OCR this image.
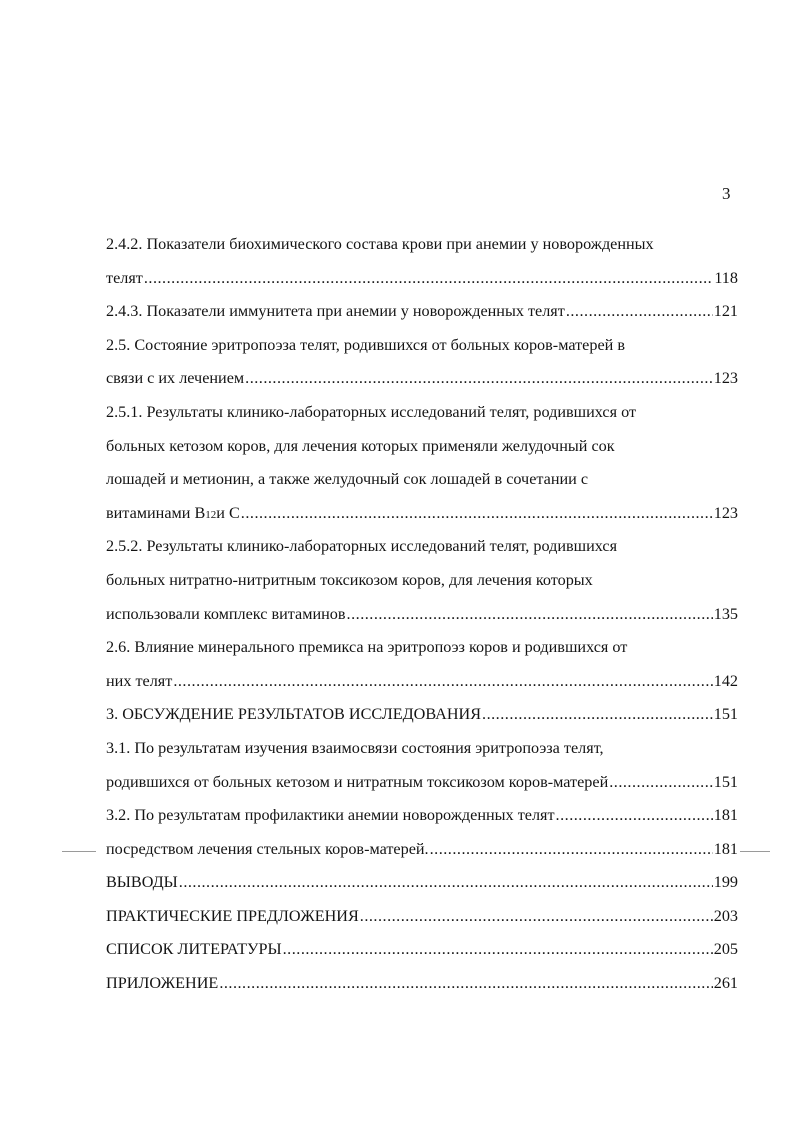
3
2.4.2. Показатели биохимического состава крови при анемии у новорожденных
телят .....	118
2.4.3. Показатели иммунитета при анемии у новорожденных телят .....	121
2.5. Состояние эритропоэза телят, родившихся от больных коров-матерей в
связи с их лечением .....	123
2.5.1. Результаты клинико-лабораторных исследований телят, родившихся от
больных кетозом коров, для лечения которых применяли желудочный сок
лошадей и метионин, а также желудочный сок лошадей в сочетании с
витаминами В 12 и С .....	123
2.5.2. Результаты клинико-лабораторных исследований телят, родившихся
больных нитратно-нитритным токсикозом коров, для лечения которых
использовали комплекс витаминов .....	135
2.6. Влияние минерального премикса на эритропоэз коров и родившихся от
них телят .....	142
3. ОБСУЖДЕНИЕ РЕЗУЛЬТАТОВ ИССЛЕДОВАНИЯ .....	151
3.1. По результатам изучения взаимосвязи состояния эритропоэза телят,
родившихся от больных кетозом и нитратным токсикозом коров-матерей .....	151
3.2. По результатам профилактики анемии новорожденных телят .....	181
посредством лечения стельных коров-матерей. .....	181
ВЫВОДЫ .....	199
ПРАКТИЧЕСКИЕ ПРЕДЛОЖЕНИЯ .....	203
СПИСОК ЛИТЕРАТУРЫ .....	205
ПРИЛОЖЕНИЕ .....	261
